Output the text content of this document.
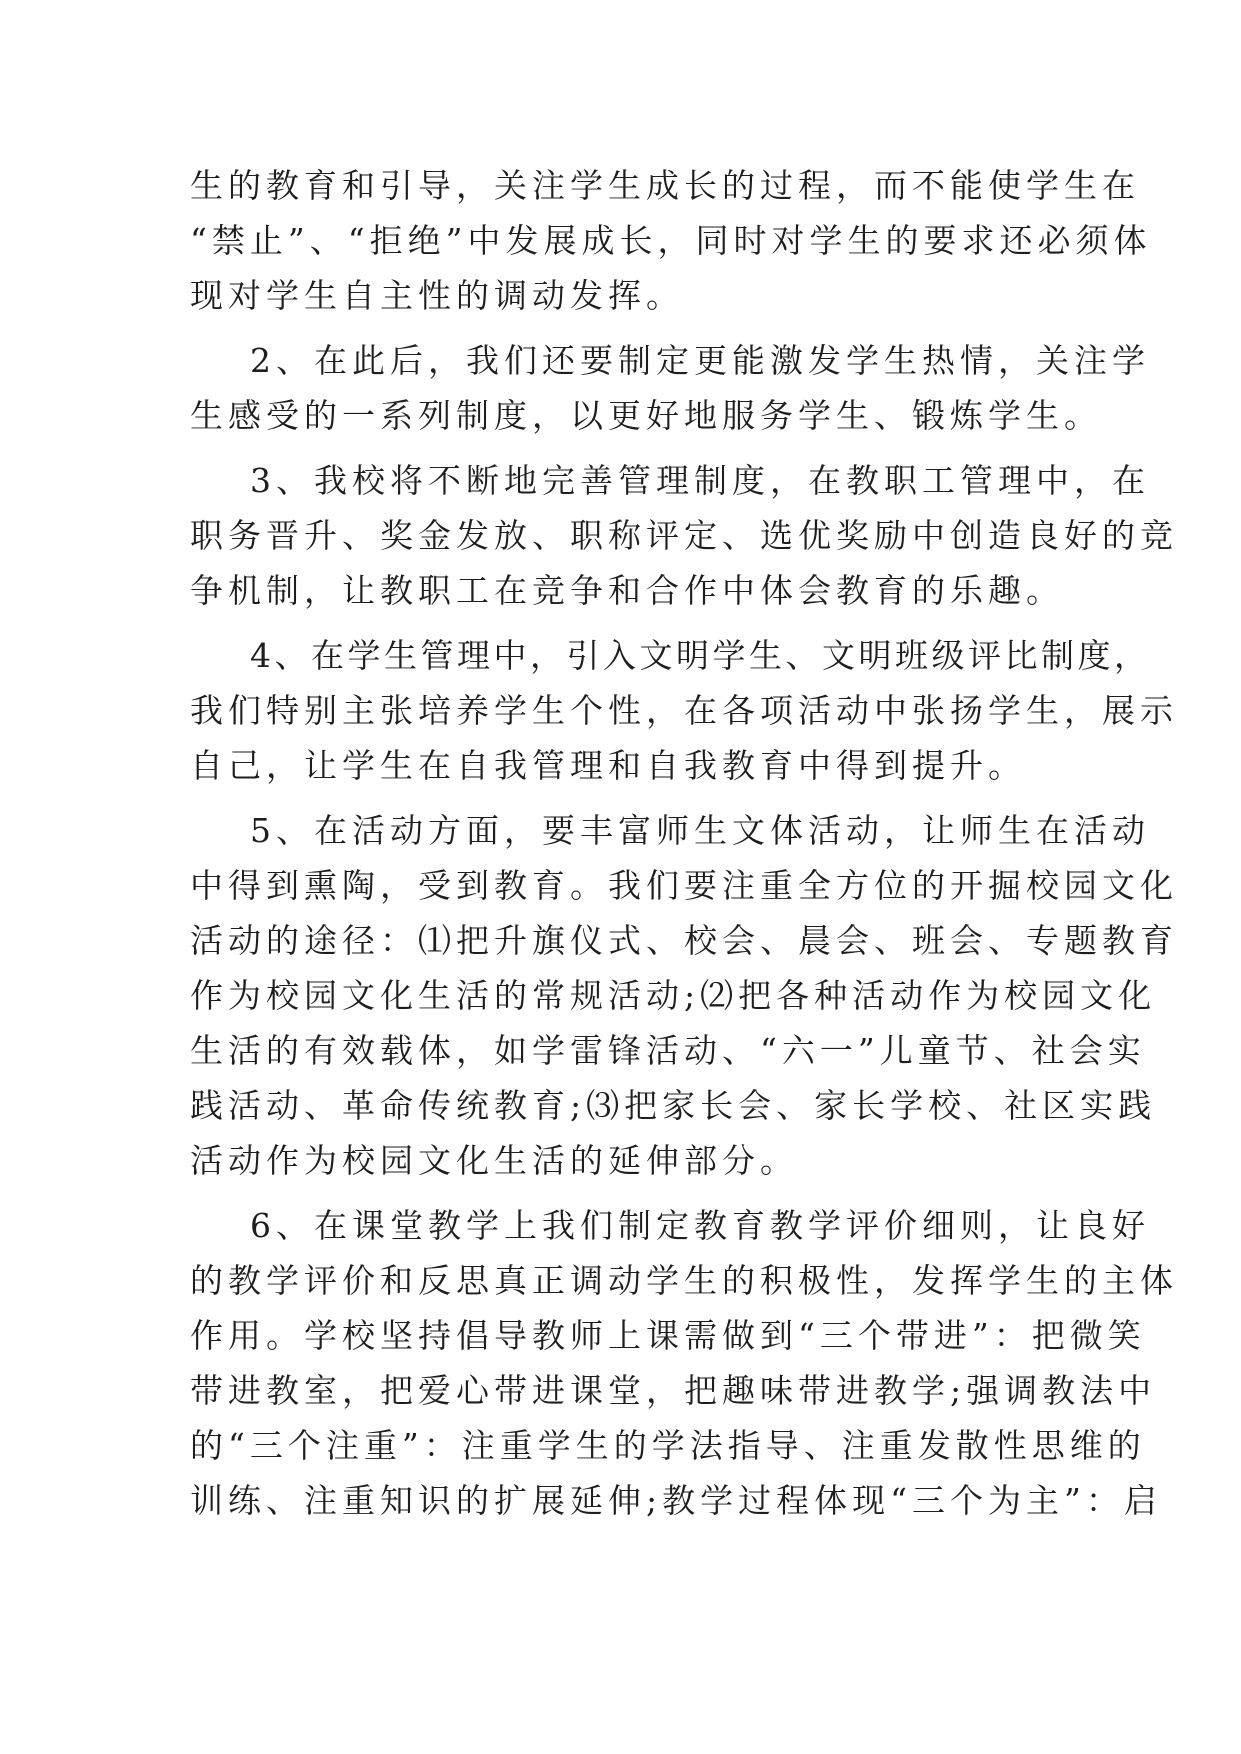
生的教育和引导，关注学生成长的过程，而不能使学生在
“禁止”、“拒绝”中发展成长，同时对学生的要求还必须体
现对学生自主性的调动发挥。
2、在此后，我们还要制定更能激发学生热情，关注学
生感受的一系列制度，以更好地服务学生、锻炼学生。
3、我校将不断地完善管理制度，在教职工管理中，在
职务晋升、奖金发放、职称评定、选优奖励中创造良好的竞
争机制，让教职工在竞争和合作中体会教育的乐趣。
4、在学生管理中，引入文明学生、文明班级评比制度，
我们特别主张培养学生个性，在各项活动中张扬学生，展示
自己，让学生在自我管理和自我教育中得到提升。
5、在活动方面，要丰富师生文体活动，让师生在活动
中得到熏陶，受到教育。我们要注重全方位的开掘校园文化
活动的途径：⑴把升旗仪式、校会、晨会、班会、专题教育
作为校园文化生活的常规活动;⑵把各种活动作为校园文化
生活的有效载体，如学雷锋活动、“六一”儿童节、社会实
践活动、革命传统教育;⑶把家长会、家长学校、社区实践
活动作为校园文化生活的延伸部分。
6、在课堂教学上我们制定教育教学评价细则，让良好
的教学评价和反思真正调动学生的积极性，发挥学生的主体
作用。学校坚持倡导教师上课需做到“三个带进”：把微笑
带进教室，把爱心带进课堂，把趣味带进教学;强调教法中
的“三个注重”：注重学生的学法指导、注重发散性思维的
训练、注重知识的扩展延伸;教学过程体现“三个为主”：启
